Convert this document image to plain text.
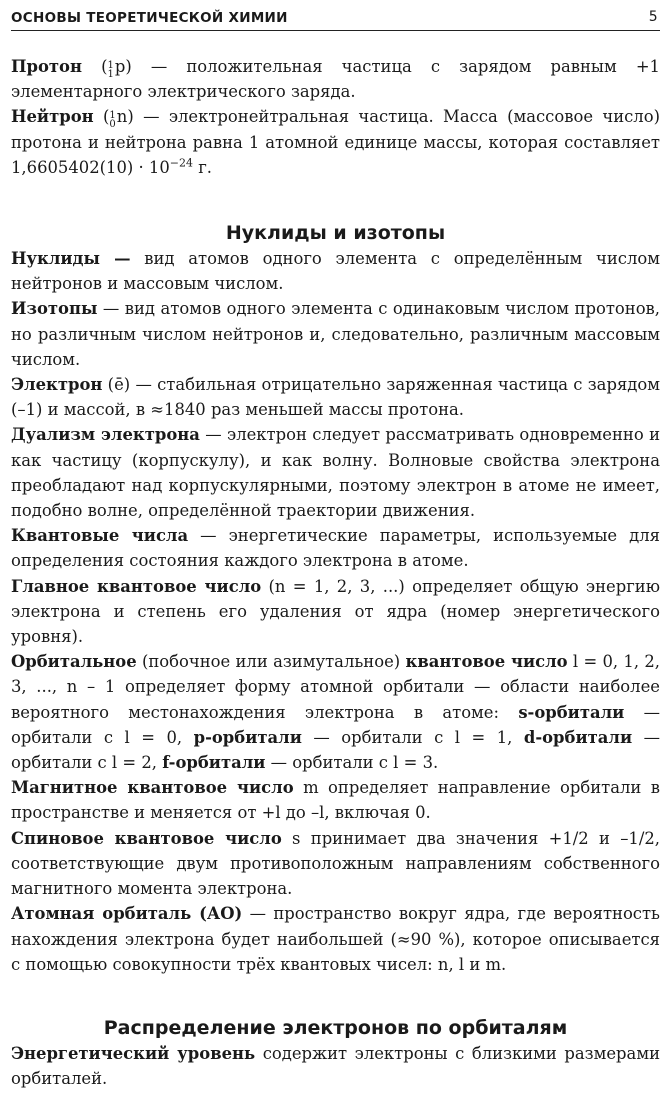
ОСНОВЫ ТЕОРЕТИЧЕСКОЙ ХИМИИ	5

Протон ( 1
1 p) — положительная частица с зарядом равным +1 элементарного электрического заряда.

Нейтрон ( 1
0 n) — электронейтральная частица. Масса (массовое число) протона и нейтрона равна 1 атомной единице массы, которая составляет $1,6605402(10) \cdot 10^{-24}$ г.

Нуклиды и изотопы

Нуклиды — вид атомов одного элемента с определённым числом нейтронов и массовым числом.

Изотопы — вид атомов одного элемента с одинаковым числом протонов, но различным числом нейтронов и, следовательно, различным массовым числом.

Электрон (ē) — стабильная отрицательно заряженная частица с зарядом (–1) и массой, в ≈1840 раз меньшей массы протона.

Дуализм электрона — электрон следует рассматривать одновременно и как частицу (корпускулу), и как волну. Волновые свойства электрона преобладают над корпускулярными, поэтому электрон в атоме не имеет, подобно волне, определённой траектории движения.

Квантовые числа — энергетические параметры, используемые для определения состояния каждого электрона в атоме.

Главное квантовое число (n = 1, 2, 3, ...) определяет общую энергию электрона и степень его удаления от ядра (номер энергетического уровня).

Орбитальное (побочное или азимутальное) квантовое число l = 0, 1, 2, 3, ..., n – 1 определяет форму атомной орбитали — области наиболее вероятного местонахождения электрона в атоме: s-орбитали — орбитали с l = 0, p-орбитали — орбитали с l = 1, d-орбитали — орбитали с l = 2, f-орбитали — орбитали с l = 3.

Магнитное квантовое число m определяет направление орбитали в пространстве и меняется от +l до –l, включая 0.

Спиновое квантовое число s принимает два значения +1/2 и –1/2, соответствующие двум противоположным направлениям собственного магнитного момента электрона.

Атомная орбиталь (АО) — пространство вокруг ядра, где вероятность нахождения электрона будет наибольшей (≈90 %), которое описывается с помощью совокупности трёх квантовых чисел: n, l и m.

Распределение электронов по орбиталям

Энергетический уровень содержит электроны с близкими размерами орбиталей.
